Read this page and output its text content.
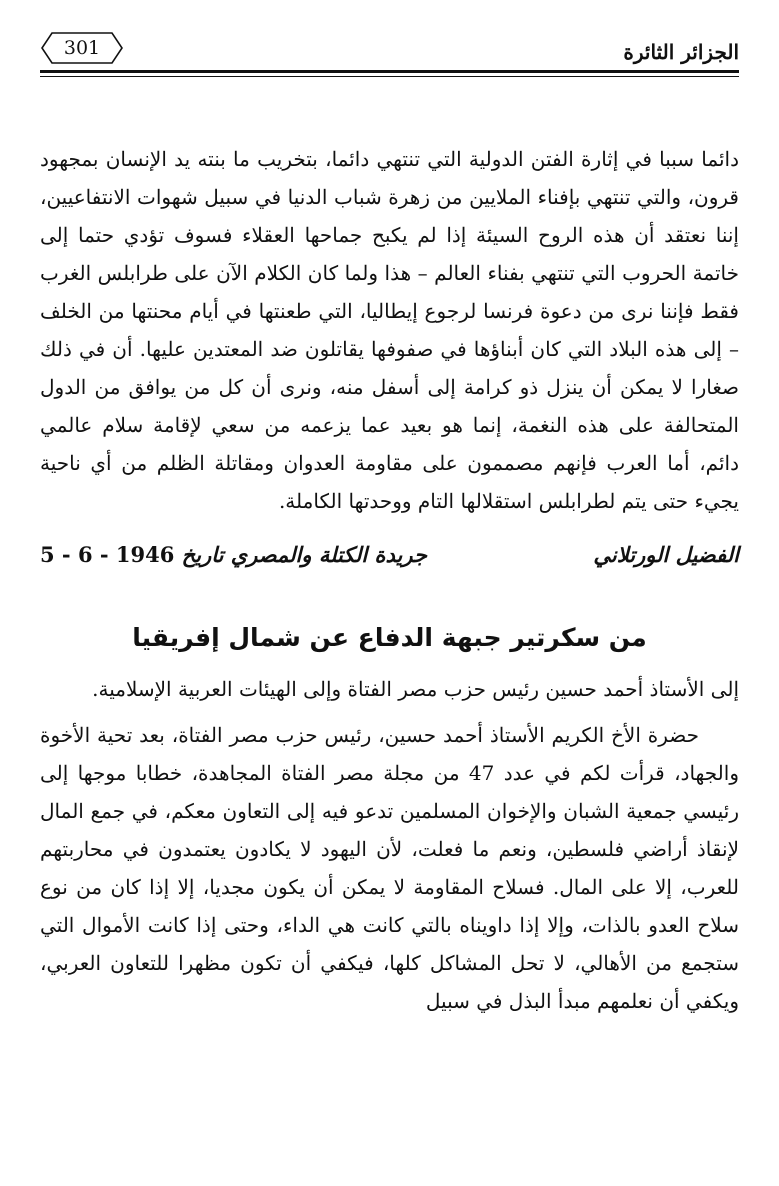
301	الجزائر الثائرة

دائما سببا في إثارة الفتن الدولية التي تنتهي دائما، بتخريب ما بنته يد الإنسان بمجهود قرون، والتي تنتهي بإفناء الملايين من زهرة شباب الدنيا في سبيل شهوات الانتفاعيين، إننا نعتقد أن هذه الروح السيئة إذا لم يكبح جماحها العقلاء فسوف تؤدي حتما إلى خاتمة الحروب التي تنتهي بفناء العالم – هذا ولما كان الكلام الآن على طرابلس الغرب فقط فإننا نرى من دعوة فرنسا لرجوع إيطاليا، التي طعنتها في أيام محنتها من الخلف – إلى هذه البلاد التي كان أبناؤها في صفوفها يقاتلون ضد المعتدين عليها. أن في ذلك صغارا لا يمكن أن ينزل ذو كرامة إلى أسفل منه، ونرى أن كل من يوافق من الدول المتحالفة على هذه النغمة، إنما هو بعيد عما يزعمه من سعي لإقامة سلام عالمي دائم، أما العرب فإنهم مصممون على مقاومة العدوان ومقاتلة الظلم من أي ناحية يجيء حتى يتم لطرابلس استقلالها التام ووحدتها الكاملة.

الفضيل الورتلاني
جريدة الكتلة والمصري تاريخ 5 - 6 - 1946
من سكرتير جبهة الدفاع عن شمال إفريقيا

إلى الأستاذ أحمد حسين رئيس حزب مصر الفتاة وإلى الهيئات العربية الإسلامية.

حضرة الأخ الكريم الأستاذ أحمد حسين، رئيس حزب مصر الفتاة، بعد تحية الأخوة والجهاد، قرأت لكم في عدد 47 من مجلة مصر الفتاة المجاهدة، خطابا موجها إلى رئيسي جمعية الشبان والإخوان المسلمين تدعو فيه إلى التعاون معكم، في جمع المال لإنقاذ أراضي فلسطين، ونعم ما فعلت، لأن اليهود لا يكادون يعتمدون في محاربتهم للعرب، إلا على المال. فسلاح المقاومة لا يمكن أن يكون مجديا، إلا إذا كان من نوع سلاح العدو بالذات، وإلا إذا داويناه بالتي كانت هي الداء، وحتى إذا كانت الأموال التي ستجمع من الأهالي، لا تحل المشاكل كلها، فيكفي أن تكون مظهرا للتعاون العربي، ويكفي أن نعلمهم مبدأ البذل في سبيل
